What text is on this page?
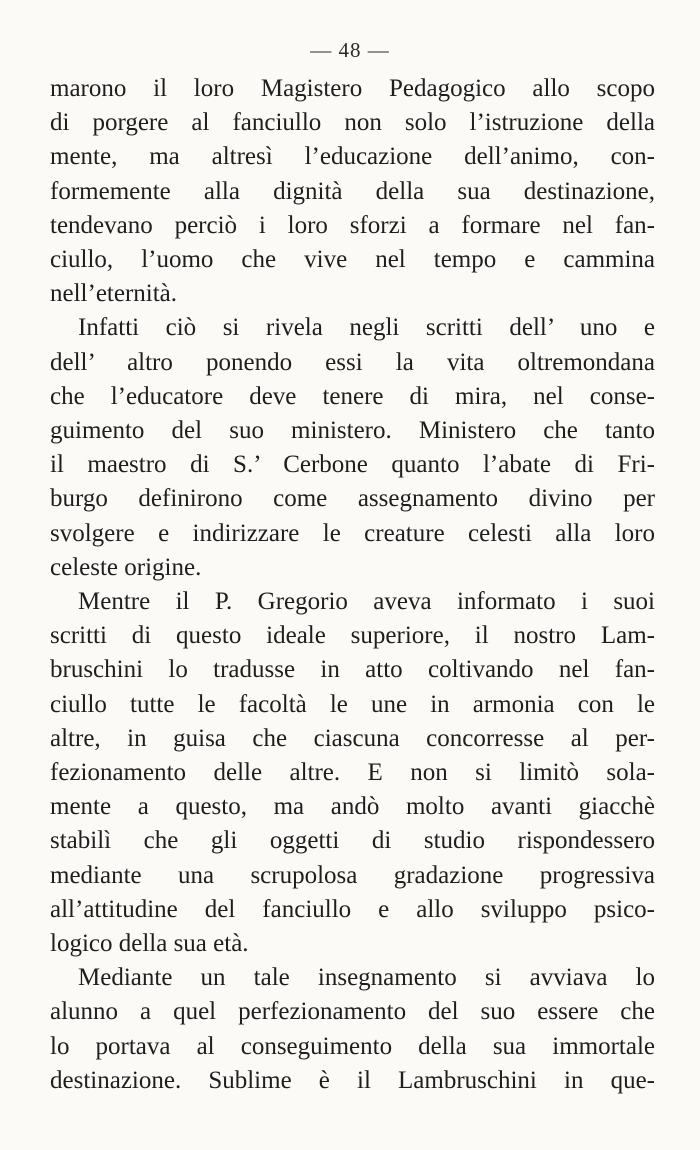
— 48 —

marono il loro Magistero Pedagogico allo scopo
di porgere al fanciullo non solo l’istruzione della
mente, ma altresì l’educazione dell’animo, con-
formemente alla dignità della sua destinazione,
tendevano perciò i loro sforzi a formare nel fan-
ciullo, l’uomo che vive nel tempo e cammina
nell’eternità.

Infatti ciò si rivela negli scritti dell’ uno e
dell’ altro ponendo essi la vita oltremondana
che l’educatore deve tenere di mira, nel conse-
guimento del suo ministero. Ministero che tanto
il maestro di S.’ Cerbone quanto l’abate di Fri-
burgo definirono come assegnamento divino per
svolgere e indirizzare le creature celesti alla loro
celeste origine.

Mentre il P. Gregorio aveva informato i suoi
scritti di questo ideale superiore, il nostro Lam-
bruschini lo tradusse in atto coltivando nel fan-
ciullo tutte le facoltà le une in armonia con le
altre, in guisa che ciascuna concorresse al per-
fezionamento delle altre. E non si limitò sola-
mente a questo, ma andò molto avanti giacchè
stabilì che gli oggetti di studio rispondessero
mediante una scrupolosa gradazione progressiva
all’attitudine del fanciullo e allo sviluppo psico-
logico della sua età.

Mediante un tale insegnamento si avviava lo
alunno a quel perfezionamento del suo essere che
lo portava al conseguimento della sua immortale
destinazione. Sublime è il Lambruschini in que-
